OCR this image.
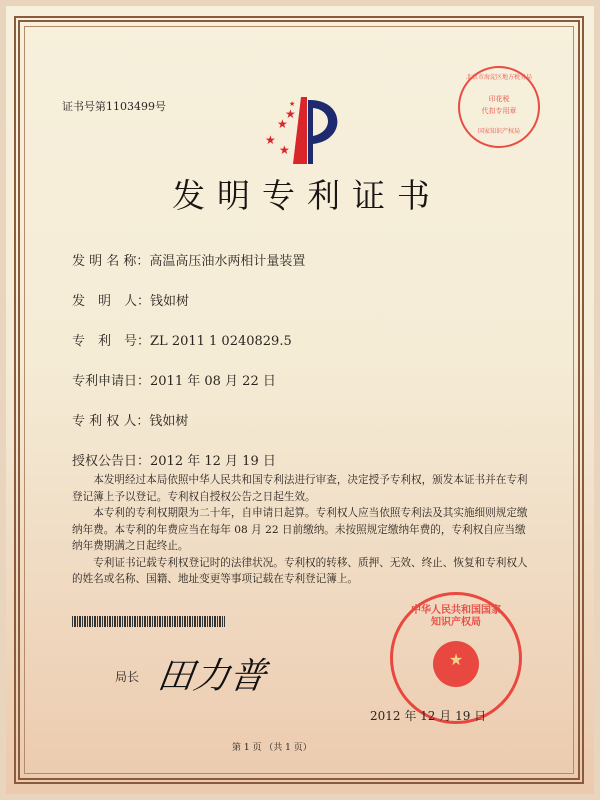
证书号第1103499号
★
★
★
★
★
发明专利证书
发 明 名 称：高温高压油水两相计量装置
发　明　人：钱如树
专　利　号：ZL 2011 1 0240829.5
专利申请日：2011 年 08 月 22 日
专 利 权 人：钱如树
授权公告日：2012 年 12 月 19 日

本发明经过本局依照中华人民共和国专利法进行审查，决定授予专利权，颁发本证书并在专利登记簿上予以登记。专利权自授权公告之日起生效。

本专利的专利权期限为二十年，自申请日起算。专利权人应当依照专利法及其实施细则规定缴纳年费。本专利的年费应当在每年 08 月 22 日前缴纳。未按照规定缴纳年费的，专利权自应当缴纳年费期满之日起终止。

专利证书记载专利权登记时的法律状况。专利权的转移、质押、无效、终止、恢复和专利权人的姓名或名称、国籍、地址变更等事项记载在专利登记簿上。

局长 田力普
中华人民共和国国家知识产权局
★
2012 年 12 月 19 日
北京市海淀区地方税务局
印花税
代扣专用章
国家知识产权局
第 1 页 （共 1 页）
